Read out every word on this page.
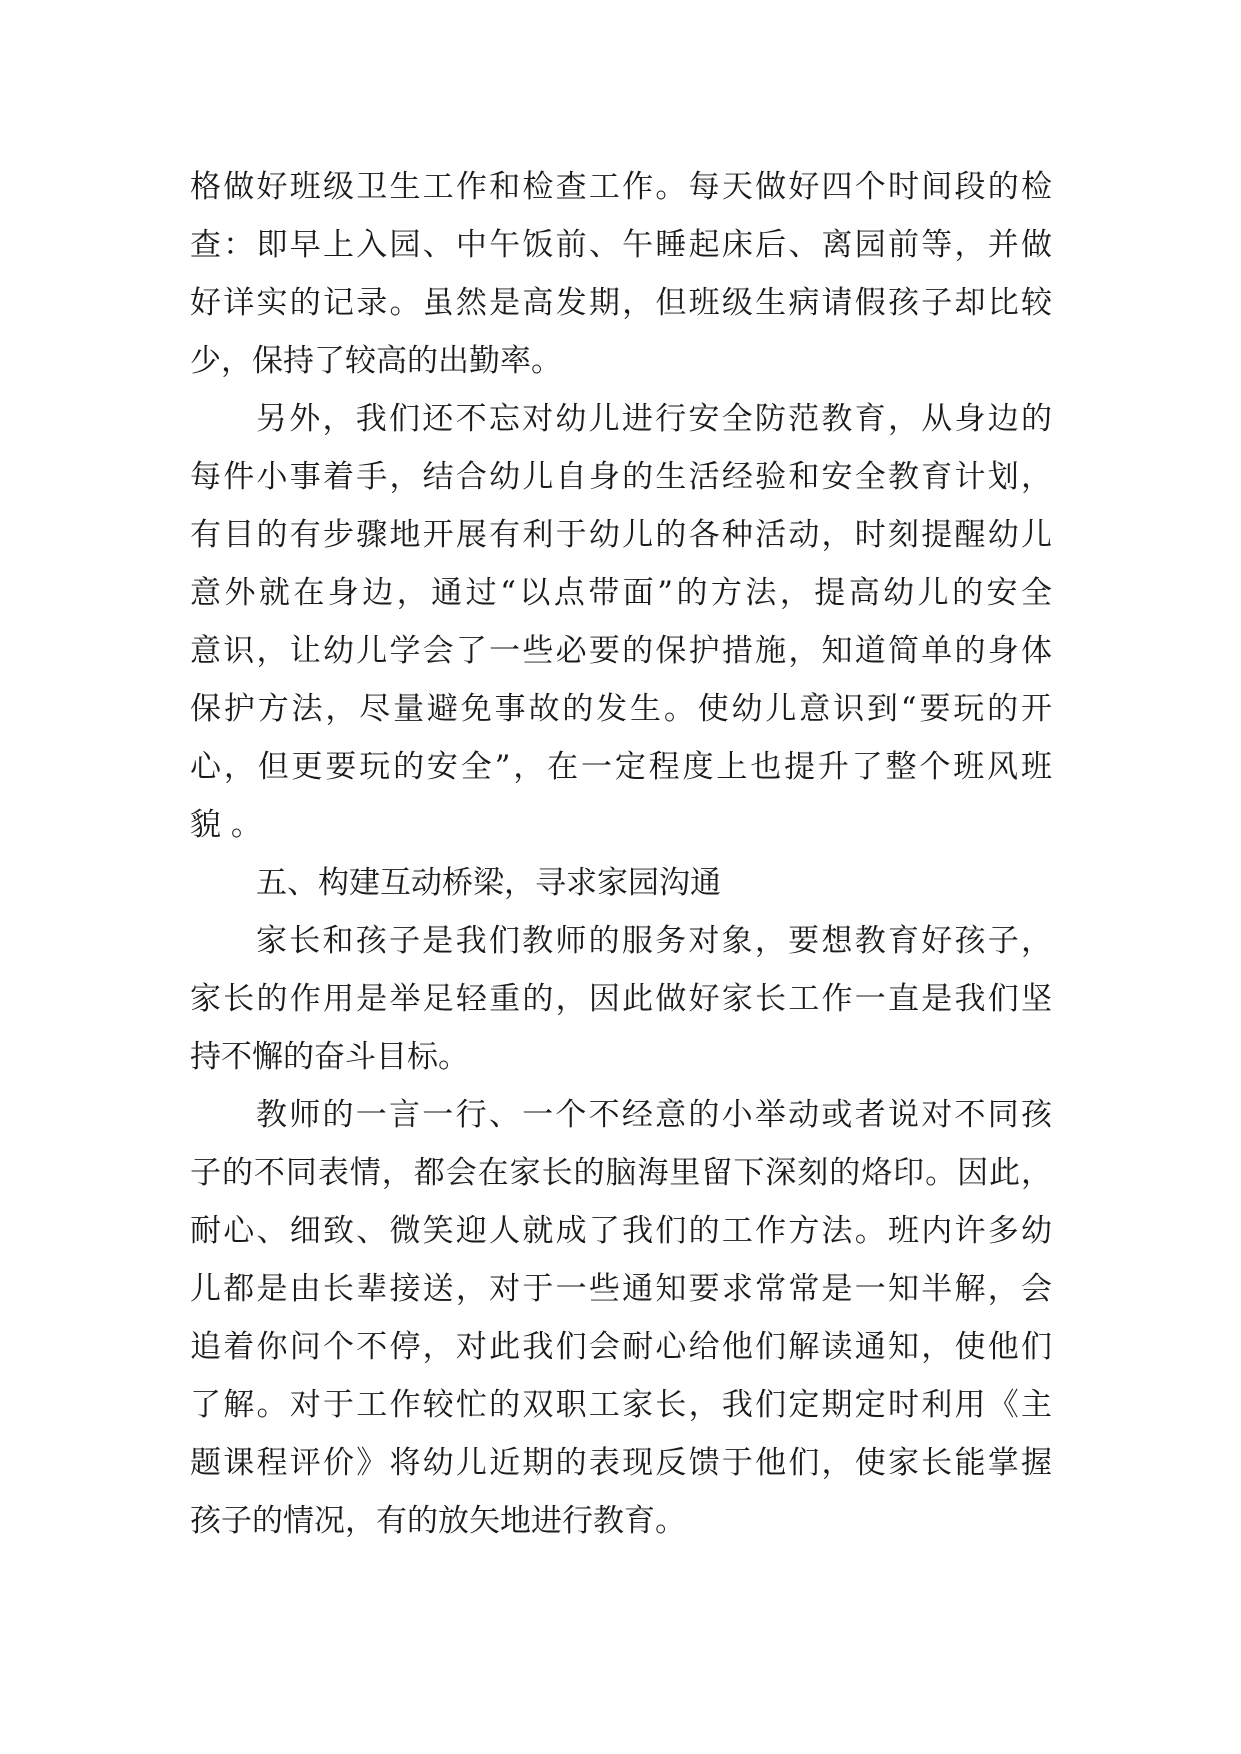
格做好班级卫生工作和检查工作。每天做好四个时间段的检
查：即早上入园、中午饭前、午睡起床后、离园前等，并做
好详实的记录。虽然是高发期，但班级生病请假孩子却比较
少，保持了较高的出勤率。
另外，我们还不忘对幼儿进行安全防范教育，从身边的
每件小事着手，结合幼儿自身的生活经验和安全教育计划，
有目的有步骤地开展有利于幼儿的各种活动，时刻提醒幼儿
意外就在身边，通过“以点带面”的方法，提高幼儿的安全
意识，让幼儿学会了一些必要的保护措施，知道简单的身体
保护方法，尽量避免事故的发生。使幼儿意识到“要玩的开
心，但更要玩的安全”，在一定程度上也提升了整个班风班
貌 。
五、构建互动桥梁，寻求家园沟通
家长和孩子是我们教师的服务对象，要想教育好孩子，
家长的作用是举足轻重的，因此做好家长工作一直是我们坚
持不懈的奋斗目标。
教师的一言一行、一个不经意的小举动或者说对不同孩
子的不同表情，都会在家长的脑海里留下深刻的烙印。因此，
耐心、细致、微笑迎人就成了我们的工作方法。班内许多幼
儿都是由长辈接送，对于一些通知要求常常是一知半解，会
追着你问个不停，对此我们会耐心给他们解读通知，使他们
了解。对于工作较忙的双职工家长，我们定期定时利用《主
题课程评价》将幼儿近期的表现反馈于他们，使家长能掌握
孩子的情况，有的放矢地进行教育。
